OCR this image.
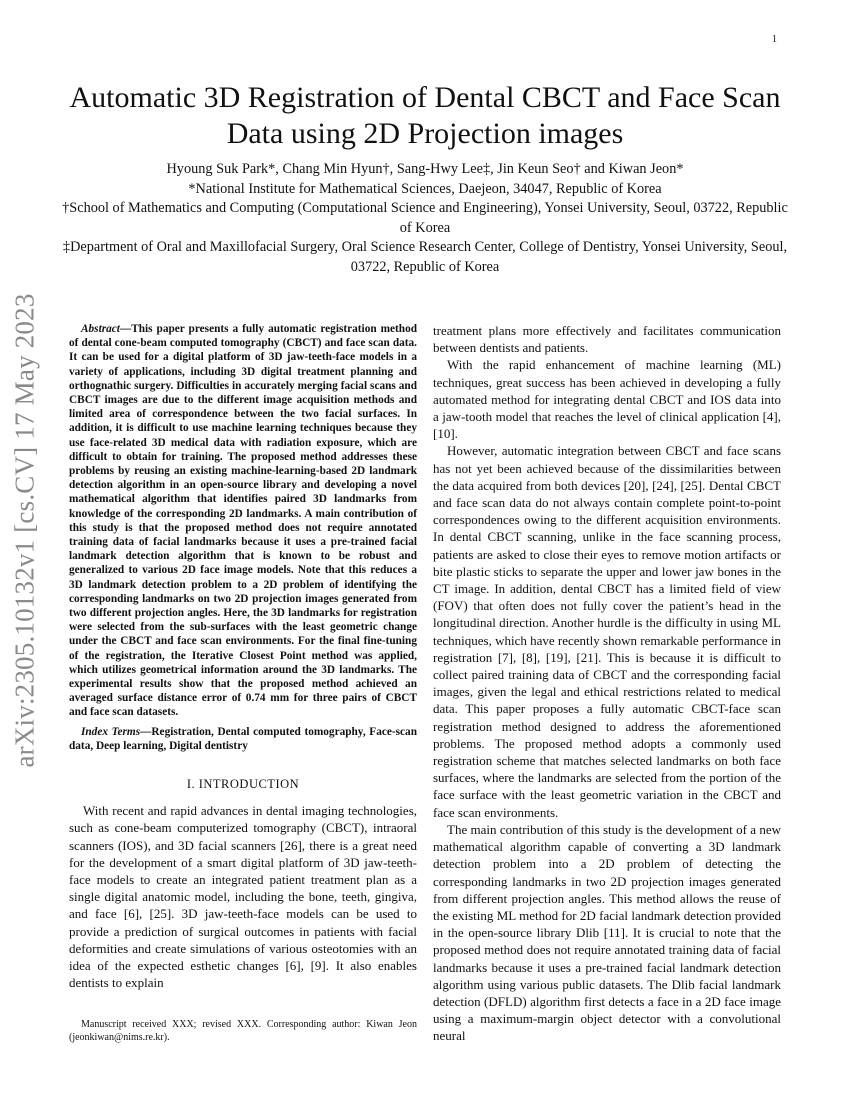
1
arXiv:2305.10132v1 [cs.CV] 17 May 2023
Automatic 3D Registration of Dental CBCT and Face Scan Data using 2D Projection images
Hyoung Suk Park*, Chang Min Hyun†, Sang-Hwy Lee‡, Jin Keun Seo† and Kiwan Jeon*
*National Institute for Mathematical Sciences, Daejeon, 34047, Republic of Korea
†School of Mathematics and Computing (Computational Science and Engineering), Yonsei University, Seoul, 03722, Republic of Korea
‡Department of Oral and Maxillofacial Surgery, Oral Science Research Center, College of Dentistry, Yonsei University, Seoul, 03722, Republic of Korea

Abstract—This paper presents a fully automatic registration method of dental cone-beam computed tomography (CBCT) and face scan data. It can be used for a digital platform of 3D jaw-teeth-face models in a variety of applications, including 3D digital treatment planning and orthognathic surgery. Difficulties in accurately merging facial scans and CBCT images are due to the different image acquisition methods and limited area of correspondence between the two facial surfaces. In addition, it is difficult to use machine learning techniques because they use face-related 3D medical data with radiation exposure, which are difficult to obtain for training. The proposed method addresses these problems by reusing an existing machine-learning-based 2D landmark detection algorithm in an open-source library and developing a novel mathematical algorithm that identifies paired 3D landmarks from knowledge of the corresponding 2D landmarks. A main contribution of this study is that the proposed method does not require annotated training data of facial landmarks because it uses a pre-trained facial landmark detection algorithm that is known to be robust and generalized to various 2D face image models. Note that this reduces a 3D landmark detection problem to a 2D problem of identifying the corresponding landmarks on two 2D projection images generated from two different projection angles. Here, the 3D landmarks for registration were selected from the sub-surfaces with the least geometric change under the CBCT and face scan environments. For the final fine-tuning of the registration, the Iterative Closest Point method was applied, which utilizes geometrical information around the 3D landmarks. The experimental results show that the proposed method achieved an averaged surface distance error of 0.74 mm for three pairs of CBCT and face scan datasets.

Index Terms—Registration, Dental computed tomography, Face-scan data, Deep learning, Digital dentistry

I. INTRODUCTION

With recent and rapid advances in dental imaging technologies, such as cone-beam computerized tomography (CBCT), intraoral scanners (IOS), and 3D facial scanners [26], there is a great need for the development of a smart digital platform of 3D jaw-teeth-face models to create an integrated patient treatment plan as a single digital anatomic model, including the bone, teeth, gingiva, and face [6], [25]. 3D jaw-teeth-face models can be used to provide a prediction of surgical outcomes in patients with facial deformities and create simulations of various osteotomies with an idea of the expected esthetic changes [6], [9]. It also enables dentists to explain

treatment plans more effectively and facilitates communication between dentists and patients.

With the rapid enhancement of machine learning (ML) techniques, great success has been achieved in developing a fully automated method for integrating dental CBCT and IOS data into a jaw-tooth model that reaches the level of clinical application [4], [10].

However, automatic integration between CBCT and face scans has not yet been achieved because of the dissimilarities between the data acquired from both devices [20], [24], [25]. Dental CBCT and face scan data do not always contain complete point-to-point correspondences owing to the different acquisition environments. In dental CBCT scanning, unlike in the face scanning process, patients are asked to close their eyes to remove motion artifacts or bite plastic sticks to separate the upper and lower jaw bones in the CT image. In addition, dental CBCT has a limited field of view (FOV) that often does not fully cover the patient’s head in the longitudinal direction. Another hurdle is the difficulty in using ML techniques, which have recently shown remarkable performance in registration [7], [8], [19], [21]. This is because it is difficult to collect paired training data of CBCT and the corresponding facial images, given the legal and ethical restrictions related to medical data. This paper proposes a fully automatic CBCT-face scan registration method designed to address the aforementioned problems. The proposed method adopts a commonly used registration scheme that matches selected landmarks on both face surfaces, where the landmarks are selected from the portion of the face surface with the least geometric variation in the CBCT and face scan environments.

The main contribution of this study is the development of a new mathematical algorithm capable of converting a 3D landmark detection problem into a 2D problem of detecting the corresponding landmarks in two 2D projection images generated from different projection angles. This method allows the reuse of the existing ML method for 2D facial landmark detection provided in the open-source library Dlib [11]. It is crucial to note that the proposed method does not require annotated training data of facial landmarks because it uses a pre-trained facial landmark detection algorithm using various public datasets. The Dlib facial landmark detection (DFLD) algorithm first detects a face in a 2D face image using a maximum-margin object detector with a convolutional neural

Manuscript received XXX; revised XXX. Corresponding author: Kiwan Jeon (jeonkiwan@nims.re.kr).
